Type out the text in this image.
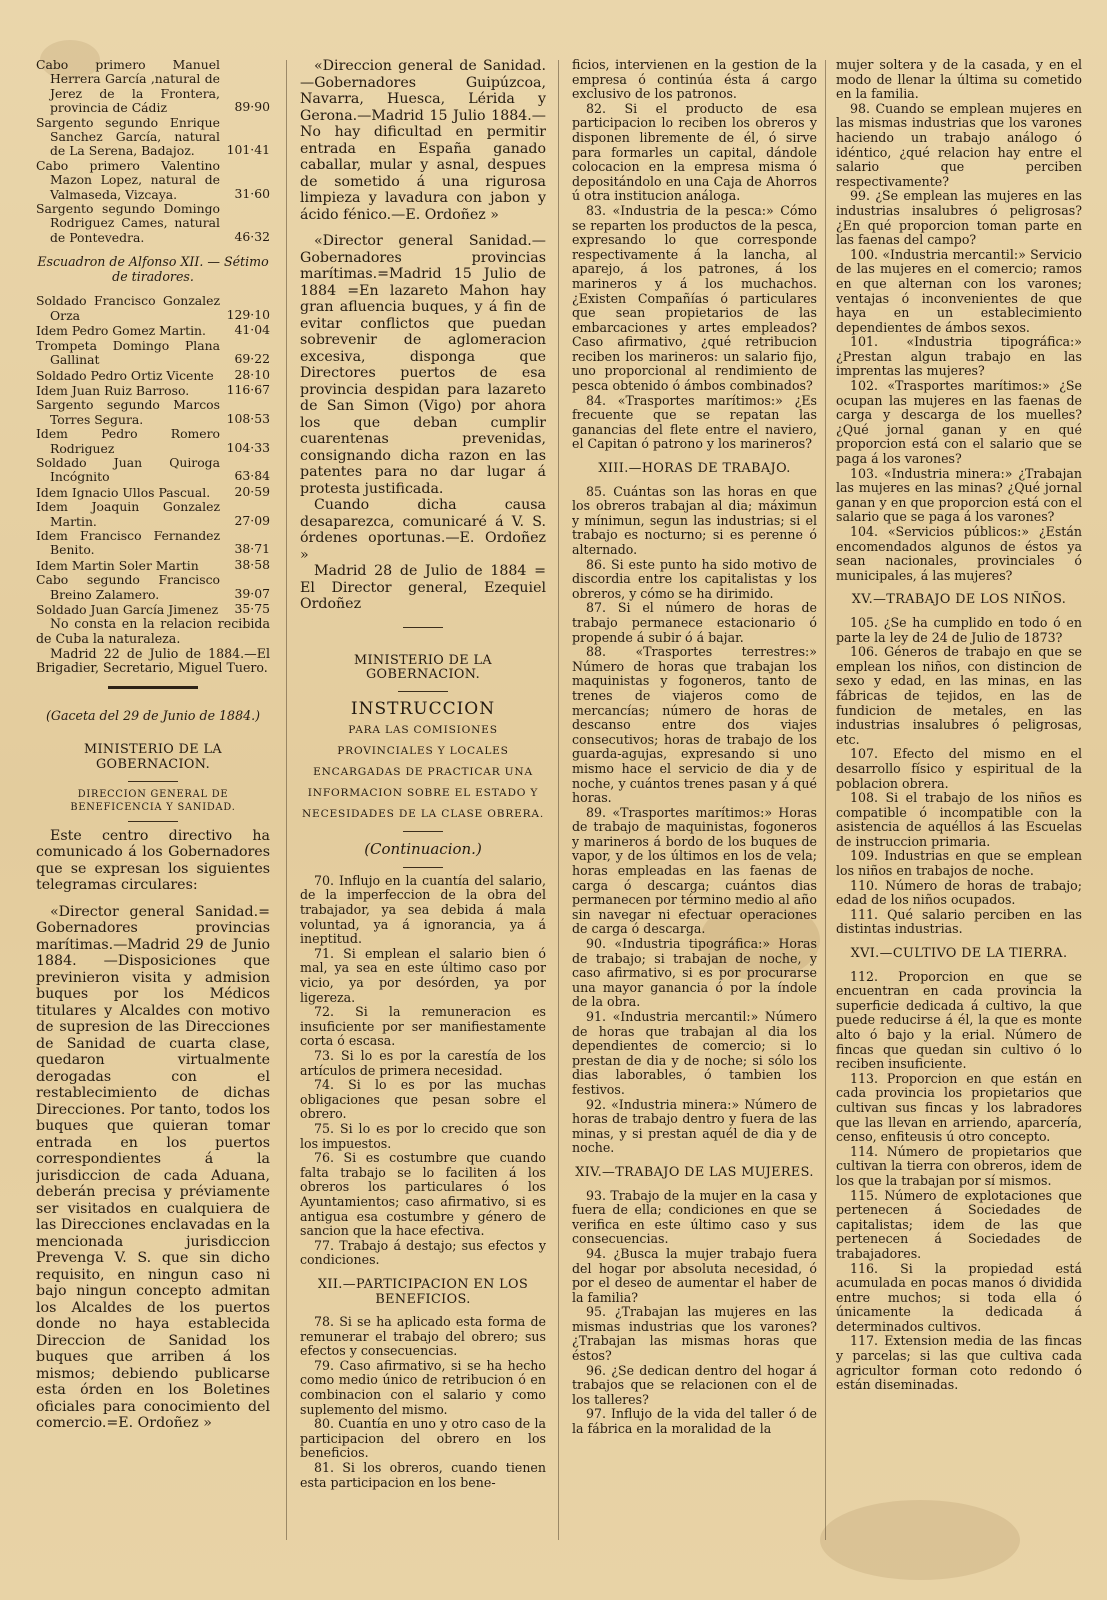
Cabo primero Manuel Herrera García ,natural de Jerez de la Frontera, provincia de Cádiz	89·90
Sargento segundo Enrique Sanchez García, natural de La Serena, Badajoz.	101·41
Cabo primero Valentino Mazon Lopez, natural de Valmaseda, Vizcaya.	31·60
Sargento segundo Domingo Rodriguez Cames, natural de Pontevedra.	46·32
Escuadron de Alfonso XII. — Sétimo de tiradores.
Soldado Francisco Gonzalez Orza	129·10
Idem Pedro Gomez Martin.	41·04
Trompeta Domingo Plana Gallinat	69·22
Soldado Pedro Ortiz Vicente	28·10
Idem Juan Ruiz Barroso.	116·67
Sargento segundo Marcos Torres Segura.	108·53
Idem Pedro Romero Rodriguez	104·33
Soldado Juan Quiroga Incógnito	63·84
Idem Ignacio Ullos Pascual.	20·59
Idem Joaquin Gonzalez Martin.	27·09
Idem Francisco Fernandez Benito.	38·71
Idem Martin Soler Martin	38·58
Cabo segundo Francisco Breino Zalamero.	39·07
Soldado Juan García Jimenez	35·75

No consta en la relacion recibida de Cuba la naturaleza.

Madrid 22 de Julio de 1884.—El Brigadier, Secretario, Miguel Tuero.

(Gaceta del 29 de Junio de 1884.)
MINISTERIO DE LA GOBERNACION.
DIRECCION GENERAL DE BENEFICENCIA Y SANIDAD.

Este centro directivo ha comunicado á los Gobernadores que se expresan los siguientes telegramas circulares:

«Director general Sanidad.= Gobernadores provincias marítimas.—Madrid 29 de Junio 1884. —Disposiciones que previnieron visita y admision buques por los Médicos titulares y Alcaldes con motivo de supresion de las Direcciones de Sanidad de cuarta clase, quedaron virtualmente derogadas con el restablecimiento de dichas Direcciones. Por tanto, todos los buques que quieran tomar entrada en los puertos correspondientes á la jurisdiccion de cada Aduana, deberán precisa y préviamente ser visitados en cualquiera de las Direcciones enclavadas en la mencionada jurisdiccion Prevenga V. S. que sin dicho requisito, en ningun caso ni bajo ningun concepto admitan los Alcaldes de los puertos donde no haya establecida Direccion de Sanidad los buques que arriben á los mismos; debiendo publicarse esta órden en los Boletines oficiales para conocimiento del comercio.=E. Ordoñez »

«Direccion general de Sanidad.—Gobernadores Guipúzcoa, Navarra, Huesca, Lérida y Gerona.—Madrid 15 Julio 1884.—No hay dificultad en permitir entrada en España ganado caballar, mular y asnal, despues de sometido á una rigurosa limpieza y lavadura con jabon y ácido fénico.—E. Ordoñez »

«Director general Sanidad.—Gobernadores provincias marítimas.=Madrid 15 Julio de 1884 =En lazareto Mahon hay gran afluencia buques, y á fin de evitar conflictos que puedan sobrevenir de aglomeracion excesiva, disponga que Directores puertos de esa provincia despidan para lazareto de San Simon (Vigo) por ahora los que deban cumplir cuarentenas prevenidas, consignando dicha razon en las patentes para no dar lugar á protesta justificada.

Cuando dicha causa desaparezca, comunicaré á V. S. órdenes oportunas.—E. Ordoñez »

Madrid 28 de Julio de 1884 = El Director general, Ezequiel Ordoñez

MINISTERIO DE LA GOBERNACION.
INSTRUCCION
PARA LAS COMISIONES PROVINCIALES Y LOCALES ENCARGADAS DE PRACTICAR UNA INFORMACION SOBRE EL ESTADO Y NECESIDADES DE LA CLASE OBRERA.
(Continuacion.)

70. Influjo en la cuantía del salario, de la imperfeccion de la obra del trabajador, ya sea debida á mala voluntad, ya á ignorancia, ya á ineptitud.

71. Si emplean el salario bien ó mal, ya sea en este último caso por vicio, ya por desórden, ya por ligereza.

72. Si la remuneracion es insuficiente por ser manifiestamente corta ó escasa.

73. Si lo es por la carestía de los artículos de primera necesidad.

74. Si lo es por las muchas obligaciones que pesan sobre el obrero.

75. Si lo es por lo crecido que son los impuestos.

76. Si es costumbre que cuando falta trabajo se lo faciliten á los obreros los particulares ó los Ayuntamientos; caso afirmativo, si es antigua esa costumbre y género de sancion que la hace efectiva.

77. Trabajo á destajo; sus efectos y condiciones.

XII.—PARTICIPACION EN LOS BENEFICIOS.

78. Si se ha aplicado esta forma de remunerar el trabajo del obrero; sus efectos y consecuencias.

79. Caso afirmativo, si se ha hecho como medio único de retribucion ó en combinacion con el salario y como suplemento del mismo.

80. Cuantía en uno y otro caso de la participacion del obrero en los beneficios.

81. Si los obreros, cuando tienen esta participacion en los bene-

ficios, intervienen en la gestion de la empresa ó continúa ésta á cargo exclusivo de los patronos.

82. Si el producto de esa participacion lo reciben los obreros y disponen libremente de él, ó sirve para formarles un capital, dándole colocacion en la empresa misma ó depositándolo en una Caja de Ahorros ú otra institucion análoga.

83. «Industria de la pesca:» Cómo se reparten los productos de la pesca, expresando lo que corresponde respectivamente á la lancha, al aparejo, á los patrones, á los marineros y á los muchachos. ¿Existen Compañías ó particulares que sean propietarios de las embarcaciones y artes empleados? Caso afirmativo, ¿qué retribucion reciben los marineros: un salario fijo, uno proporcional al rendimiento de pesca obtenido ó ámbos combinados?

84. «Trasportes marítimos:» ¿Es frecuente que se repatan las ganancias del flete entre el naviero, el Capitan ó patrono y los marineros?

XIII.—HORAS DE TRABAJO.

85. Cuántas son las horas en que los obreros trabajan al dia; máximun y mínimun, segun las industrias; si el trabajo es nocturno; si es perenne ó alternado.

86. Si este punto ha sido motivo de discordia entre los capitalistas y los obreros, y cómo se ha dirimido.

87. Si el número de horas de trabajo permanece estacionario ó propende á subir ó á bajar.

88. «Trasportes terrestres:» Número de horas que trabajan los maquinistas y fogoneros, tanto de trenes de viajeros como de mercancías; número de horas de descanso entre dos viajes consecutivos; horas de trabajo de los guarda-agujas, expresando si uno mismo hace el servicio de dia y de noche, y cuántos trenes pasan y á qué horas.

89. «Trasportes marítimos:» Horas de trabajo de maquinistas, fogoneros y marineros á bordo de los buques de vapor, y de los últimos en los de vela; horas empleadas en las faenas de carga ó descarga; cuántos dias permanecen por término medio al año sin navegar ni efectuar operaciones de carga ó descarga.

90. «Industria tipográfica:» Horas de trabajo; si trabajan de noche, y caso afirmativo, si es por procurarse una mayor ganancia ó por la índole de la obra.

91. «Industria mercantil:» Número de horas que trabajan al dia los dependientes de comercio; si lo prestan de dia y de noche; si sólo los dias laborables, ó tambien los festivos.

92. «Industria minera:» Número de horas de trabajo dentro y fuera de las minas, y si prestan aquél de dia y de noche.

XIV.—TRABAJO DE LAS MUJERES.

93. Trabajo de la mujer en la casa y fuera de ella; condiciones en que se verifica en este último caso y sus consecuencias.

94. ¿Busca la mujer trabajo fuera del hogar por absoluta necesidad, ó por el deseo de aumentar el haber de la familia?

95. ¿Trabajan las mujeres en las mismas industrias que los varones? ¿Trabajan las mismas horas que éstos?

96. ¿Se dedican dentro del hogar á trabajos que se relacionen con el de los talleres?

97. Influjo de la vida del taller ó de la fábrica en la moralidad de la

mujer soltera y de la casada, y en el modo de llenar la última su cometido en la familia.

98. Cuando se emplean mujeres en las mismas industrias que los varones haciendo un trabajo análogo ó idéntico, ¿qué relacion hay entre el salario que perciben respectivamente?

99. ¿Se emplean las mujeres en las industrias insalubres ó peligrosas? ¿En qué proporcion toman parte en las faenas del campo?

100. «Industria mercantil:» Servicio de las mujeres en el comercio; ramos en que alternan con los varones; ventajas ó inconvenientes de que haya en un establecimiento dependientes de ámbos sexos.

101. «Industria tipográfica:» ¿Prestan algun trabajo en las imprentas las mujeres?

102. «Trasportes marítimos:» ¿Se ocupan las mujeres en las faenas de carga y descarga de los muelles? ¿Qué jornal ganan y en qué proporcion está con el salario que se paga á los varones?

103. «Industria minera:» ¿Trabajan las mujeres en las minas? ¿Qué jornal ganan y en que proporcion está con el salario que se paga á los varones?

104. «Servicios públicos:» ¿Están encomendados algunos de éstos ya sean nacionales, provinciales ó municipales, á las mujeres?

XV.—TRABAJO DE LOS NIÑOS.

105. ¿Se ha cumplido en todo ó en parte la ley de 24 de Julio de 1873?

106. Géneros de trabajo en que se emplean los niños, con distincion de sexo y edad, en las minas, en las fábricas de tejidos, en las de fundicion de metales, en las industrias insalubres ó peligrosas, etc.

107. Efecto del mismo en el desarrollo físico y espiritual de la poblacion obrera.

108. Si el trabajo de los niños es compatible ó incompatible con la asistencia de aquéllos á las Escuelas de instruccion primaria.

109. Industrias en que se emplean los niños en trabajos de noche.

110. Número de horas de trabajo; edad de los niños ocupados.

111. Qué salario perciben en las distintas industrias.

XVI.—CULTIVO DE LA TIERRA.

112. Proporcion en que se encuentran en cada provincia la superficie dedicada á cultivo, la que puede reducirse á él, la que es monte alto ó bajo y la erial. Número de fincas que quedan sin cultivo ó lo reciben insuficiente.

113. Proporcion en que están en cada provincia los propietarios que cultivan sus fincas y los labradores que las llevan en arriendo, aparcería, censo, enfiteusis ú otro concepto.

114. Número de propietarios que cultivan la tierra con obreros, idem de los que la trabajan por sí mismos.

115. Número de explotaciones que pertenecen á Sociedades de capitalistas; idem de las que pertenecen á Sociedades de trabajadores.

116. Si la propiedad está acumulada en pocas manos ó dividida entre muchos; si toda ella ó únicamente la dedicada á determinados cultivos.

117. Extension media de las fincas y parcelas; si las que cultiva cada agricultor forman coto redondo ó están diseminadas.
